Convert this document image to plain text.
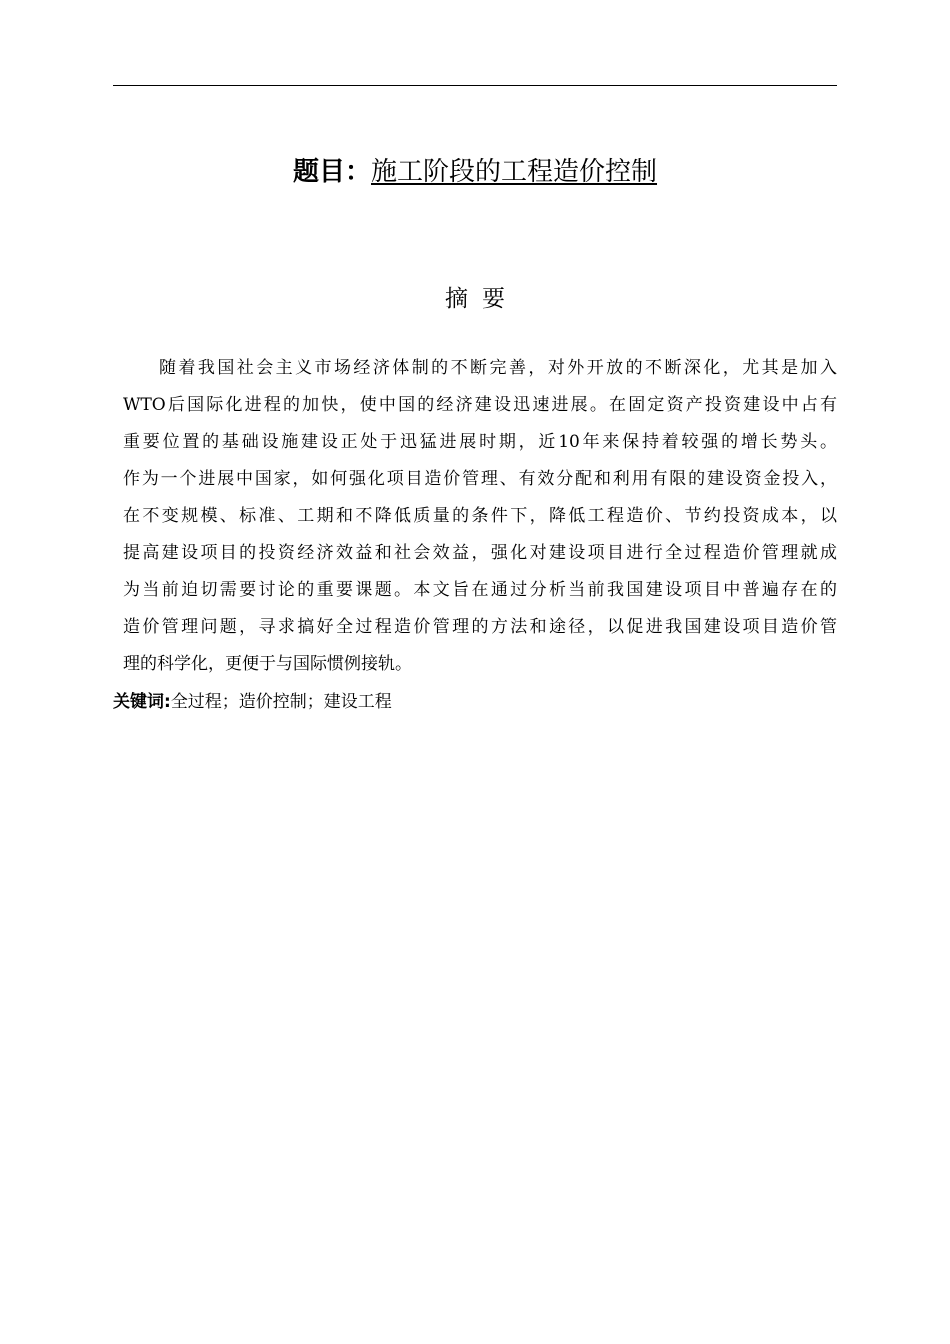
题目：施工阶段的工程造价控制
摘要
随着我国社会主义市场经济体制的不断完善，对外开放的不断深化，尤其是加入
WTO后国际化进程的加快，使中国的经济建设迅速进展。在固定资产投资建设中占有
重要位置的基础设施建设正处于迅猛进展时期，近10年来保持着较强的增长势头。
作为一个进展中国家，如何强化项目造价管理、有效分配和利用有限的建设资金投入，
在不变规模、标准、工期和不降低质量的条件下，降低工程造价、节约投资成本，以
提高建设项目的投资经济效益和社会效益，强化对建设项目进行全过程造价管理就成
为当前迫切需要讨论的重要课题。本文旨在通过分析当前我国建设项目中普遍存在的
造价管理问题，寻求搞好全过程造价管理的方法和途径，以促进我国建设项目造价管
理的科学化，更便于与国际惯例接轨。
关键词:全过程；造价控制；建设工程
